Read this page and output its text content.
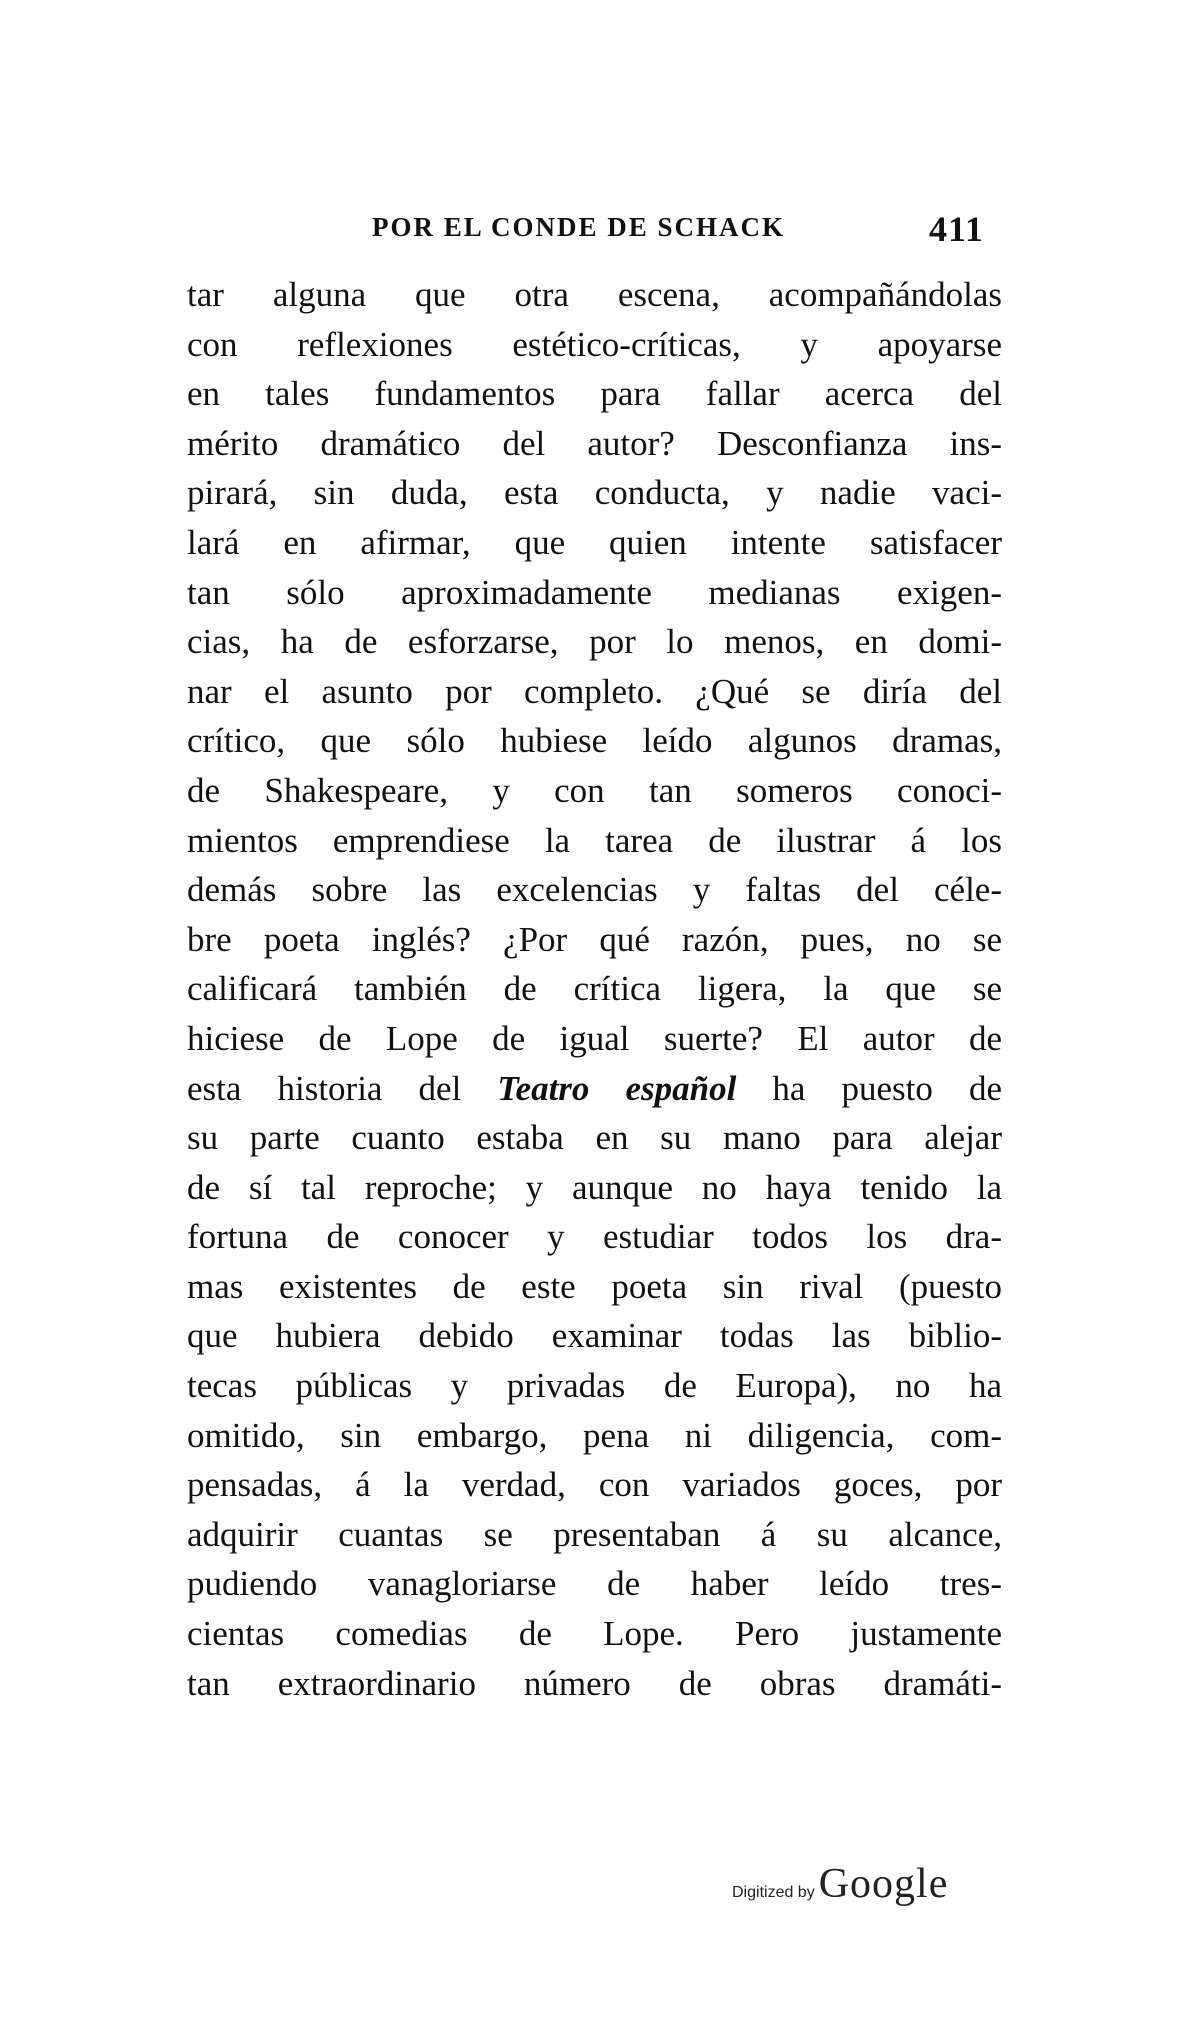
POR EL CONDE DE SCHACK	411
tar alguna que otra escena, acompañándolas
con reflexiones estético-críticas, y apoyarse
en tales fundamentos para fallar acerca del
mérito dramático del autor? Desconfianza ins-
pirará, sin duda, esta conducta, y nadie vaci-
lará en afirmar, que quien intente satisfacer
tan sólo aproximadamente medianas exigen-
cias, ha de esforzarse, por lo menos, en domi-
nar el asunto por completo. ¿Qué se diría del
crítico, que sólo hubiese leído algunos dramas,
de Shakespeare, y con tan someros conoci-
mientos emprendiese la tarea de ilustrar á los
demás sobre las excelencias y faltas del céle-
bre poeta inglés? ¿Por qué razón, pues, no se
calificará también de crítica ligera, la que se
hiciese de Lope de igual suerte? El autor de
esta historia del Teatro español ha puesto de
su parte cuanto estaba en su mano para alejar
de sí tal reproche; y aunque no haya tenido la
fortuna de conocer y estudiar todos los dra-
mas existentes de este poeta sin rival (puesto
que hubiera debido examinar todas las biblio-
tecas públicas y privadas de Europa), no ha
omitido, sin embargo, pena ni diligencia, com-
pensadas, á la verdad, con variados goces, por
adquirir cuantas se presentaban á su alcance,
pudiendo vanagloriarse de haber leído tres-
cientas comedias de Lope. Pero justamente
tan extraordinario número de obras dramáti-
Digitized by Google
